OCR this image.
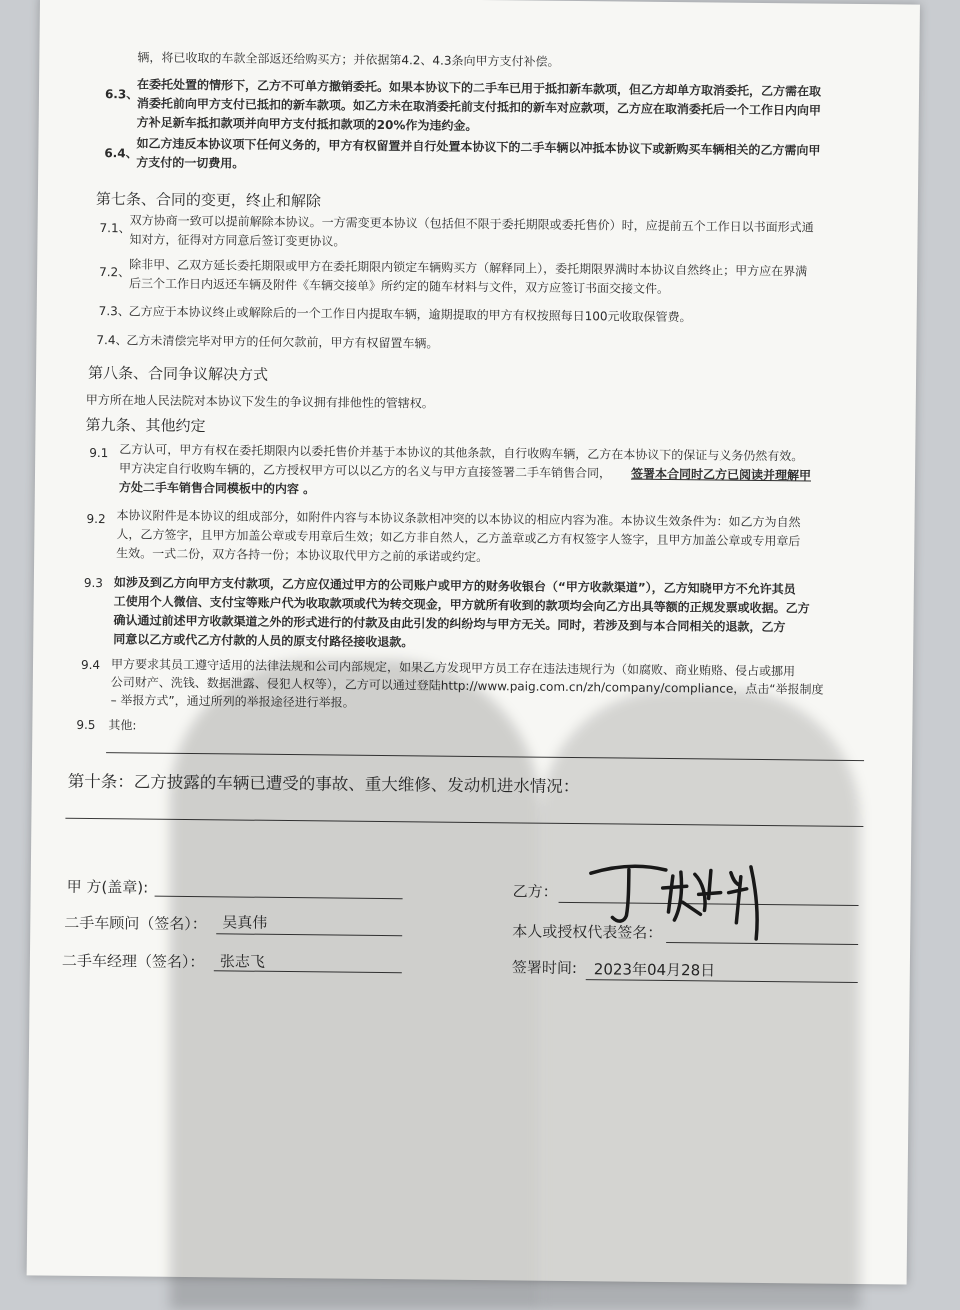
辆，将已收取的车款全部返还给购买方；并依据第4.2、4.3条向甲方支付补偿。
6.3、
在委托处置的情形下，乙方不可单方撤销委托。如果本协议下的二手车已用于抵扣新车款项，但乙方却单方取消委托，乙方需在取
消委托前向甲方支付已抵扣的新车款项。如乙方未在取消委托前支付抵扣的新车对应款项，乙方应在取消委托后一个工作日内向甲
方补足新车抵扣款项并向甲方支付抵扣款项的20%作为违约金。
6.4、
如乙方违反本协议项下任何义务的，甲方有权留置并自行处置本协议下的二手车辆以冲抵本协议下或新购买车辆相关的乙方需向甲
方支付的一切费用。
第七条、合同的变更，终止和解除
7.1、
双方协商一致可以提前解除本协议。一方需变更本协议（包括但不限于委托期限或委托售价）时，应提前五个工作日以书面形式通
知对方，征得对方同意后签订变更协议。
7.2、
除非甲、乙双方延长委托期限或甲方在委托期限内锁定车辆购买方（解释同上），委托期限界满时本协议自然终止；甲方应在界满
后三个工作日内返还车辆及附件《车辆交接单》所约定的随车材料与文件，双方应签订书面交接文件。
7.3、
乙方应于本协议终止或解除后的一个工作日内提取车辆，逾期提取的甲方有权按照每日100元收取保管费。
7.4、
乙方未清偿完毕对甲方的任何欠款前，甲方有权留置车辆。
第八条、合同争议解决方式
甲方所在地人民法院对本协议下发生的争议拥有排他性的管辖权。
第九条、其他约定
9.1 乙方认可，甲方有权在委托期限内以委托售价并基于本协议的其他条款，自行收购车辆，乙方在本协议下的保证与义务仍然有效。
甲方决定自行收购车辆的，乙方授权甲方可以以乙方的名义与甲方直接签署二手车销售合同， 签署本合同时乙方已阅读并理解甲
方处二手车销售合同模板中的内容 。
9.2 本协议附件是本协议的组成部分，如附件内容与本协议条款相冲突的以本协议的相应内容为准。本协议生效条件为：如乙方为自然
人，乙方签字，且甲方加盖公章或专用章后生效；如乙方非自然人，乙方盖章或乙方有权签字人签字，且甲方加盖公章或专用章后
生效。一式二份，双方各持一份；本协议取代甲方之前的承诺或约定。
9.3 如涉及到乙方向甲方支付款项，乙方应仅通过甲方的公司账户或甲方的财务收银台（“甲方收款渠道”），乙方知晓甲方不允许其员
工使用个人微信、支付宝等账户代为收取款项或代为转交现金，甲方就所有收到的款项均会向乙方出具等额的正规发票或收据。乙方
确认通过前述甲方收款渠道之外的形式进行的付款及由此引发的纠纷均与甲方无关。同时，若涉及到与本合同相关的退款，乙方
同意以乙方或代乙方付款的人员的原支付路径接收退款。
9.4 甲方要求其员工遵守适用的法律法规和公司内部规定，如果乙方发现甲方员工存在违法违规行为（如腐败、商业贿赂、侵占或挪用
公司财产、洗钱、数据泄露、侵犯人权等），乙方可以通过登陆http://www.paig.com.cn/zh/company/compliance，点击“举报制度
– 举报方式”，通过所列的举报途径进行举报。
9.5 其他:
第十条：乙方披露的车辆已遭受的事故、重大维修、发动机进水情况：
甲 方(盖章):
二手车顾问（签名）： 吴真伟
二手车经理（签名）： 张志飞
乙方：
本人或授权代表签名：
签署时间: 2023年04月28日
